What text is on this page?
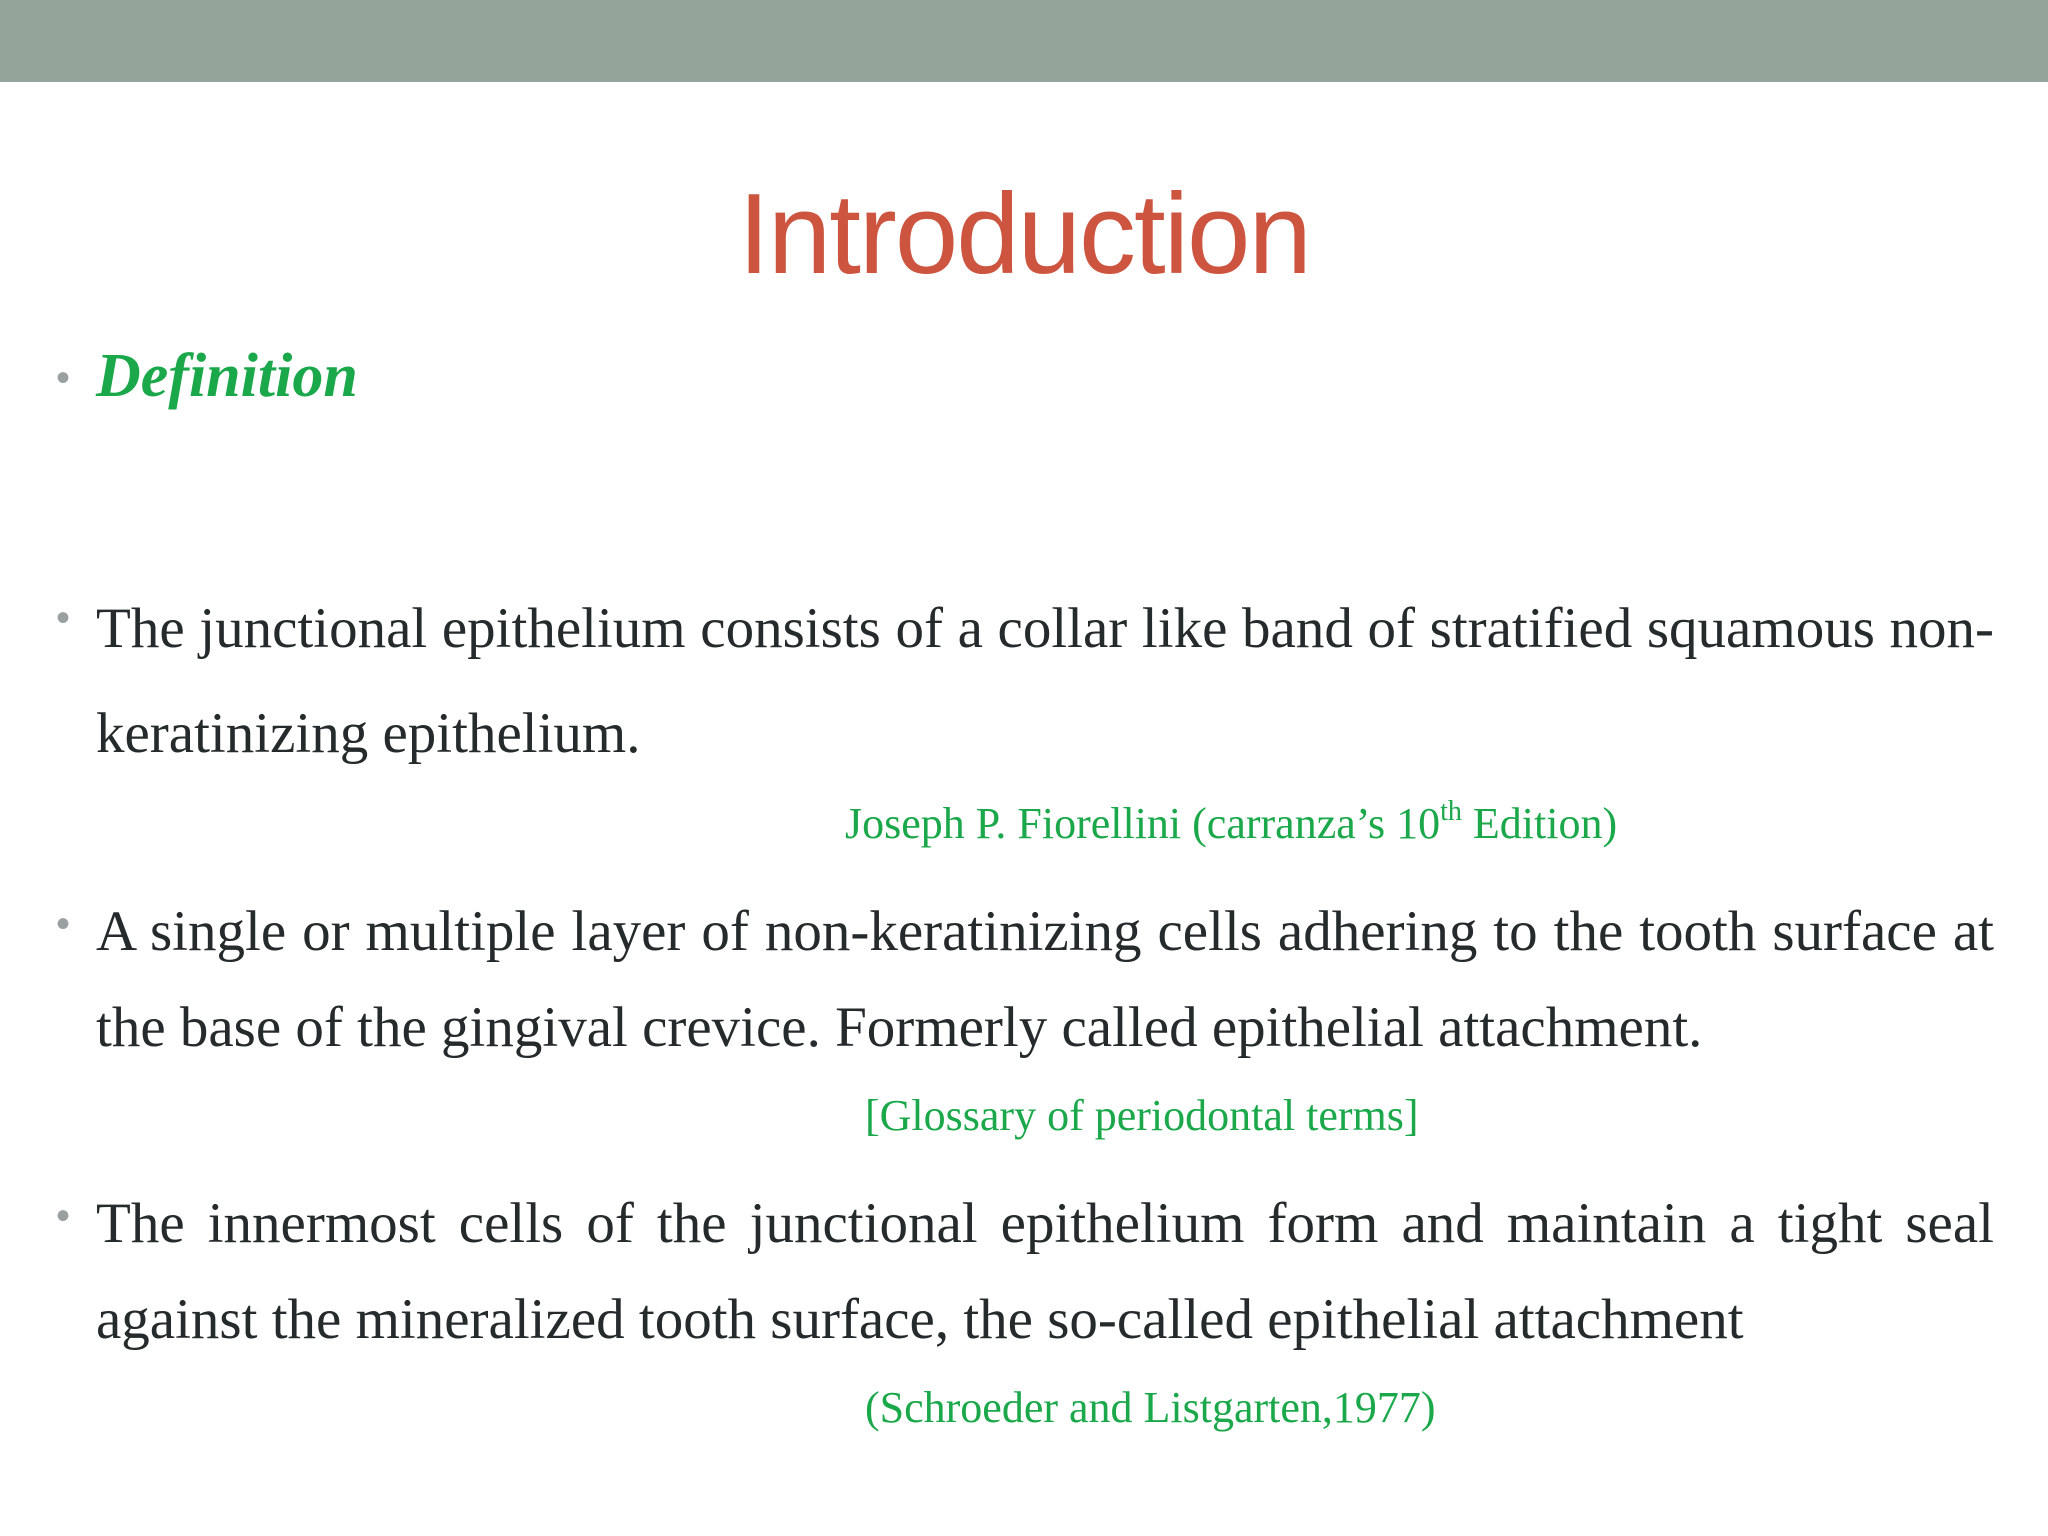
Introduction
• Definition
• The junctional epithelium consists of a collar like band of stratified squamous non-keratinizing epithelium.

Joseph P. Fiorellini (carranza’s 10th Edition)
• A single or multiple layer of non-keratinizing cells adhering to the tooth surface at the base of the gingival crevice. Formerly called epithelial attachment.

[Glossary of periodontal terms]
• The innermost cells of the junctional epithelium form and maintain a tight seal against the mineralized tooth surface, the so-called epithelial attachment

(Schroeder and Listgarten,1977)
